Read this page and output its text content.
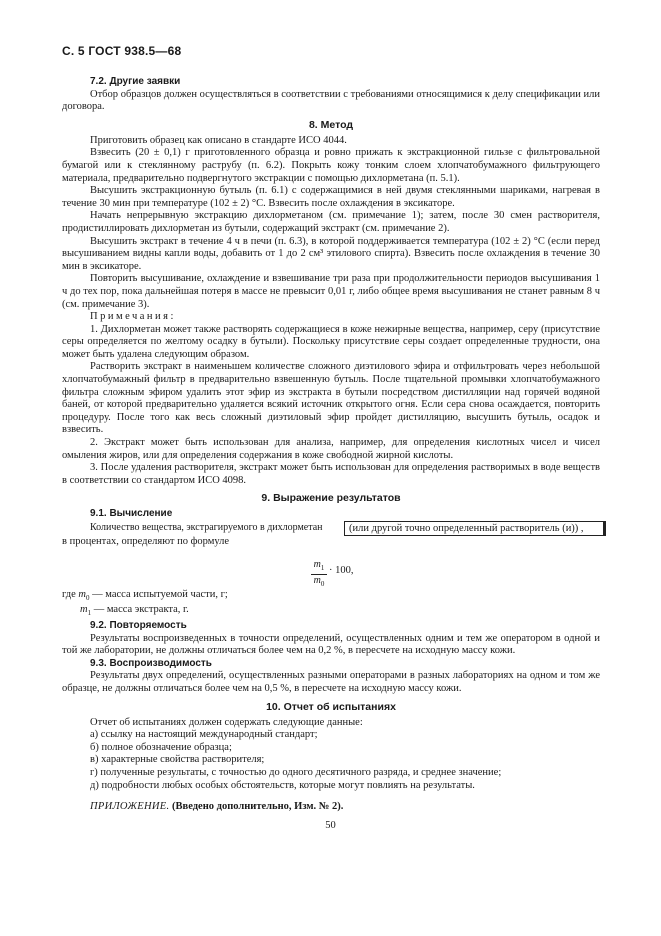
С. 5 ГОСТ 938.5—68
7.2. Другие заявки

Отбор образцов должен осуществляться в соответствии с требованиями относящимися к делу спецификации или договора.

8. Метод

Приготовить образец как описано в стандарте ИСО 4044.

Взвесить (20 ± 0,1) г приготовленного образца и ровно прижать к экстракционной гильзе с фильтровальной бумагой или к стеклянному раструбу (п. 6.2). Покрыть кожу тонким слоем хлопчатобумажного фильтрующего материала, предварительно подвергнутого экстракции с помощью дихлорметана (п. 5.1).

Высушить экстракционную бутыль (п. 6.1) с содержащимися в ней двумя стеклянными шариками, нагревая в течение 30 мин при температуре (102 ± 2) °С. Взвесить после охлаждения в эксикаторе.

Начать непрерывную экстракцию дихлорметаном (см. примечание 1); затем, после 30 смен растворителя, продистиллировать дихлорметан из бутыли, содержащий экстракт (см. примечание 2).

Высушить экстракт в течение 4 ч в печи (п. 6.3), в которой поддерживается температура (102 ± 2) °С (если перед высушиванием видны капли воды, добавить от 1 до 2 см³ этилового спирта). Взвесить после охлаждения в течение 30 мин в эксикаторе.

Повторить высушивание, охлаждение и взвешивание три раза при продолжительности периодов высушивания 1 ч до тех пор, пока дальнейшая потеря в массе не превысит 0,01 г, либо общее время высушивания не станет равным 8 ч (см. примечание 3).

Примечания:

1. Дихлорметан может также растворять содержащиеся в коже нежирные вещества, например, серу (присутствие серы определяется по желтому осадку в бутыли). Поскольку присутствие серы создает определенные трудности, она может быть удалена следующим образом.

Растворить экстракт в наименьшем количестве сложного диэтилового эфира и отфильтровать через небольшой хлопчатобумажный фильтр в предварительно взвешенную бутыль. После тщательной промывки хлопчатобумажного фильтра сложным эфиром удалить этот эфир из экстракта в бутыли посредством дистилляции над горячей водяной баней, от которой предварительно удаляется всякий источник открытого огня. Если сера снова осаждается, повторить процедуру. После того как весь сложный диэтиловый эфир пройдет дистилляцию, высушить бутыль, осадок и взвесить.

2. Экстракт может быть использован для анализа, например, для определения кислотных чисел и чисел омыления жиров, или для определения содержания в коже свободной жирной кислоты.

3. После удаления растворителя, экстракт может быть использован для определения растворимых в воде веществ в соответствии со стандартом ИСО 4098.

9. Выражение результатов
9.1. Вычисление
Количество вещества, экстрагируемого в дихлорметан	(или другой точно определенный растворитель (и)) ,

в процентах, определяют по формуле

$\frac{m_1}{m_0} \cdot 100$,

где $m_0$ — масса испытуемой части, г;

$m_1$ — масса экстракта, г.

9.2. Повторяемость

Результаты воспроизведенных в точности определений, осуществленных одним и тем же оператором в одной и той же лаборатории, не должны отличаться более чем на 0,2 %, в пересчете на исходную массу кожи.

9.3. Воспроизводимость

Результаты двух определений, осуществленных разными операторами в разных лабораториях на одном и том же образце, не должны отличаться более чем на 0,5 %, в пересчете на исходную массу кожи.

10. Отчет об испытаниях

Отчет об испытаниях должен содержать следующие данные:

а) ссылку на настоящий международный стандарт;

б) полное обозначение образца;

в) характерные свойства растворителя;

г) полученные результаты, с точностью до одного десятичного разряда, и среднее значение;

д) подробности любых особых обстоятельств, которые могут повлиять на результаты.

ПРИЛОЖЕНИЕ. (Введено дополнительно, Изм. № 2).

50
